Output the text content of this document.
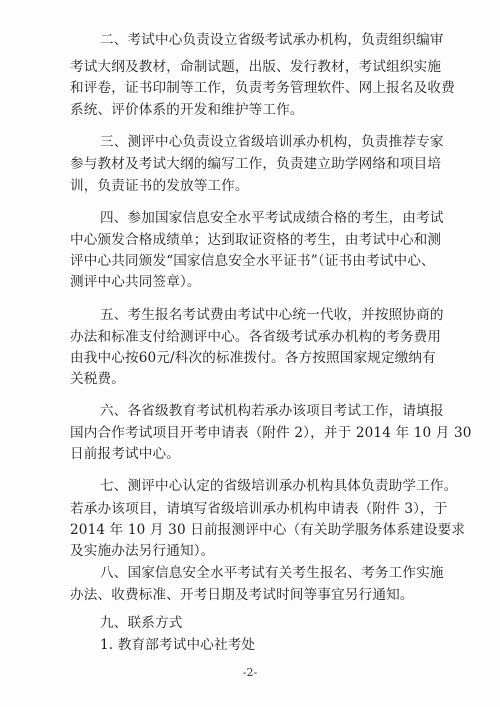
二、考试中心负责设立省级考试承办机构，负责组织编审
考试大纲及教材，命制试题，出版、发行教材，考试组织实施
和评卷，证书印制等工作，负责考务管理软件、网上报名及收费
系统、评价体系的开发和维护等工作。
三、测评中心负责设立省级培训承办机构，负责推荐专家
参与教材及考试大纲的编写工作，负责建立助学网络和项目培
训，负责证书的发放等工作。
四、参加国家信息安全水平考试成绩合格的考生，由考试
中心颁发合格成绩单；达到取证资格的考生，由考试中心和测
评中心共同颁发“国家信息安全水平证书”（证书由考试中心、
测评中心共同签章）。
五、考生报名考试费由考试中心统一代收，并按照协商的
办法和标准支付给测评中心。各省级考试承办机构的考务费用
由我中心按60元/科次的标准拨付。各方按照国家规定缴纳有
关税费。
六、各省级教育考试机构若承办该项目考试工作，请填报
国内合作考试项目开考申请表（附件 2），并于 2014 年 10 月 30
日前报考试中心。
七、测评中心认定的省级培训承办机构具体负责助学工作。
若承办该项目，请填写省级培训承办机构申请表（附件 3），于
2014 年 10 月 30 日前报测评中心（有关助学服务体系建设要求
及实施办法另行通知）。
八、国家信息安全水平考试有关考生报名、考务工作实施
办法、收费标准、开考日期及考试时间等事宜另行通知。
九、联系方式
1. 教育部考试中心社考处
-2-
